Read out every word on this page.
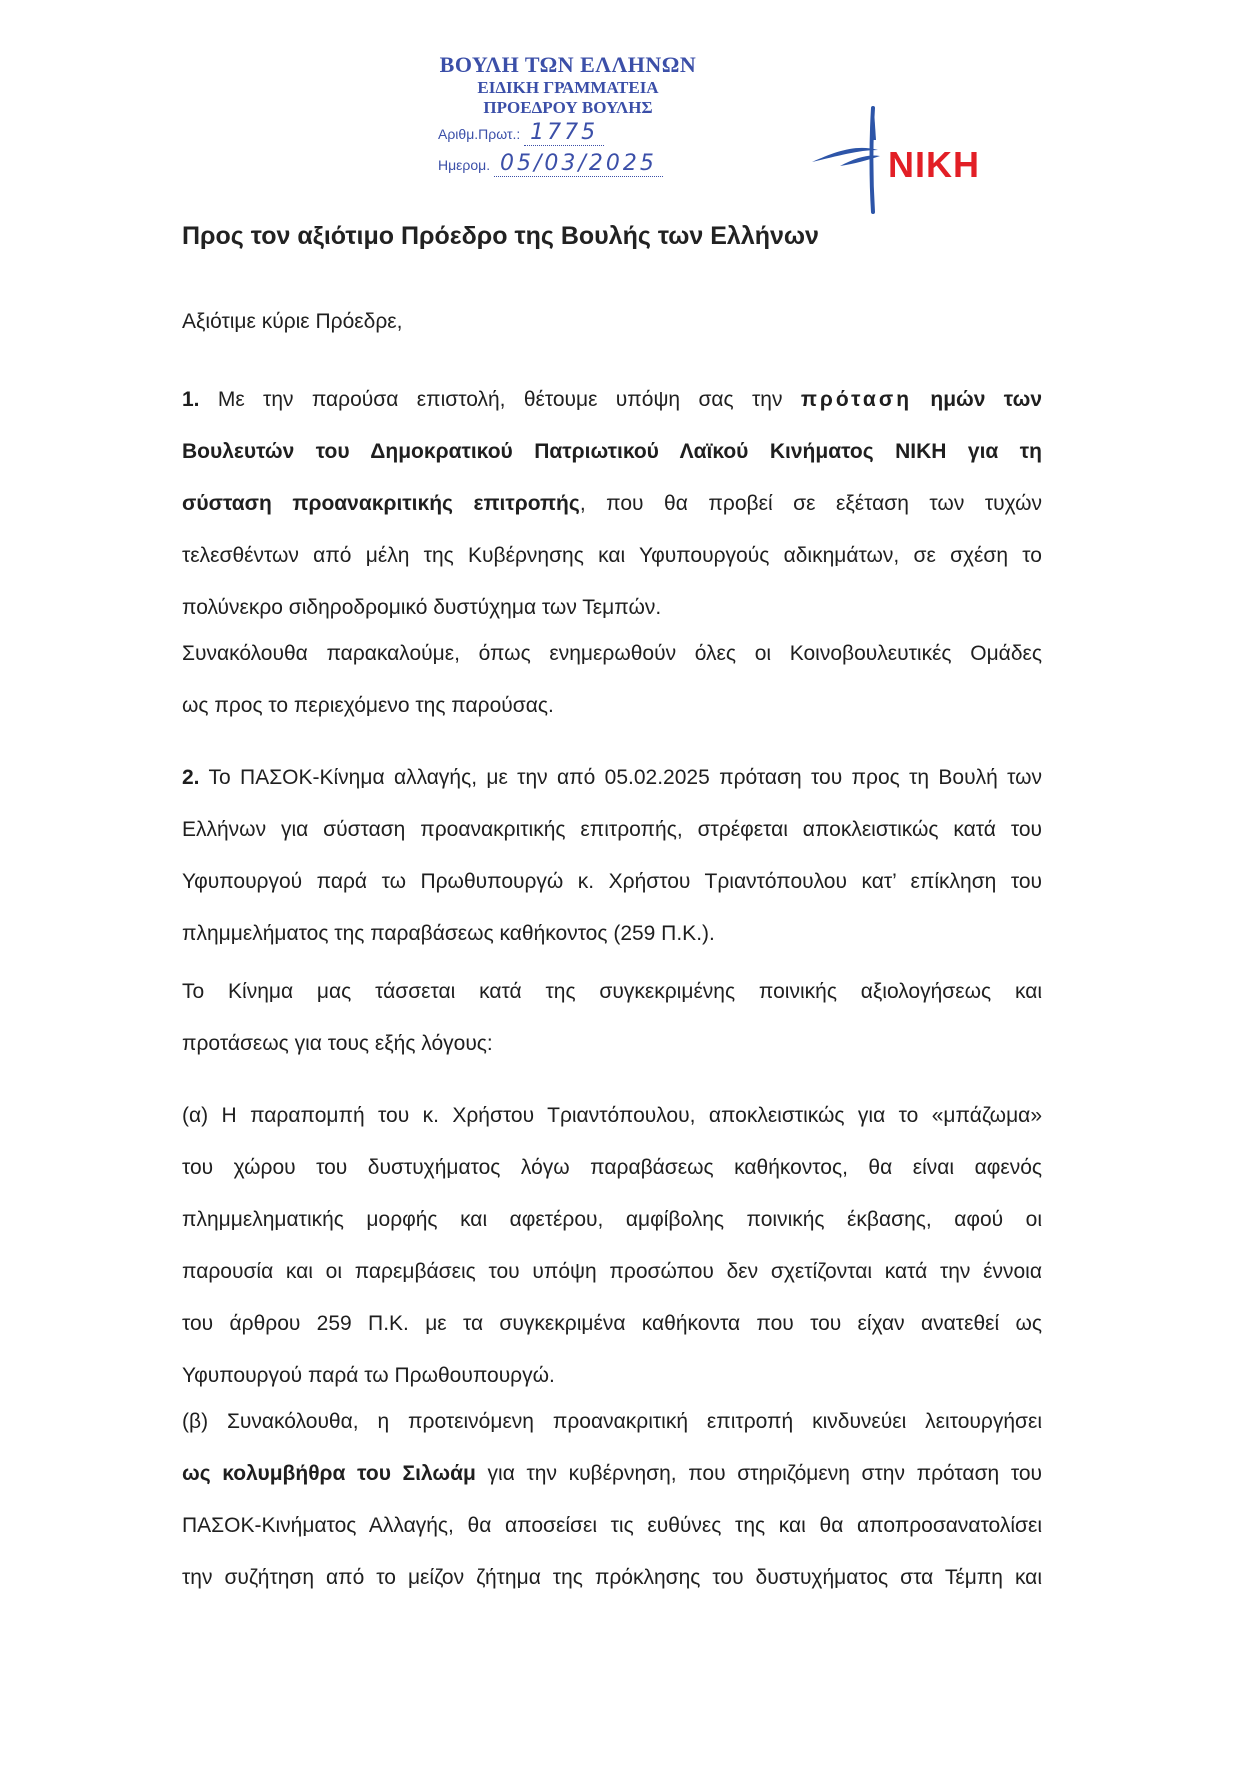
ΒΟΥΛΗ ΤΩΝ ΕΛΛΗΝΩΝ
ΕΙΔΙΚΗ ΓΡΑΜΜΑΤΕΙΑ
ΠΡΟΕΔΡΟΥ ΒΟΥΛΗΣ
Αριθμ.Πρωτ.: 1775
Ημερομ. 05/03/2025	ΝΙΚΗ
Προς τον αξιότιμο Πρόεδρο της Βουλής των Ελλήνων
Αξιότιμε κύριε Πρόεδρε,
1. Με την παρούσα επιστολή, θέτουμε υπόψη σας την πρόταση ημών των
Βουλευτών του Δημοκρατικού Πατριωτικού Λαϊκού Κινήματος ΝΙΚΗ για τη
σύσταση προανακριτικής επιτροπής, που θα προβεί σε εξέταση των τυχών
τελεσθέντων από μέλη της Κυβέρνησης και Υφυπουργούς αδικημάτων, σε σχέση το
πολύνεκρο σιδηροδρομικό δυστύχημα των Τεμπών.
Συνακόλουθα παρακαλούμε, όπως ενημερωθούν όλες οι Κοινοβουλευτικές Ομάδες
ως προς το περιεχόμενο της παρούσας.
2. Το ΠΑΣΟΚ-Κίνημα αλλαγής, με την από 05.02.2025 πρόταση του προς τη Βουλή των
Ελλήνων για σύσταση προανακριτικής επιτροπής, στρέφεται αποκλειστικώς κατά του
Υφυπουργού παρά τω Πρωθυπουργώ κ. Χρήστου Τριαντόπουλου κατ’ επίκληση του
πλημμελήματος της παραβάσεως καθήκοντος (259 Π.Κ.).
Το Κίνημα μας τάσσεται κατά της συγκεκριμένης ποινικής αξιολογήσεως και
προτάσεως για τους εξής λόγους:
(α) Η παραπομπή του κ. Χρήστου Τριαντόπουλου, αποκλειστικώς για το «μπάζωμα»
του χώρου του δυστυχήματος λόγω παραβάσεως καθήκοντος, θα είναι αφενός
πλημμεληματικής μορφής και αφετέρου, αμφίβολης ποινικής έκβασης, αφού οι
παρουσία και οι παρεμβάσεις του υπόψη προσώπου δεν σχετίζονται κατά την έννοια
του άρθρου 259 Π.Κ. με τα συγκεκριμένα καθήκοντα που του είχαν ανατεθεί ως
Υφυπουργού παρά τω Πρωθουπουργώ.
(β) Συνακόλουθα, η προτεινόμενη προανακριτική επιτροπή κινδυνεύει λειτουργήσει
ως κολυμβήθρα του Σιλωάμ για την κυβέρνηση, που στηριζόμενη στην πρόταση του
ΠΑΣΟΚ-Κινήματος Αλλαγής, θα αποσείσει τις ευθύνες της και θα αποπροσανατολίσει
την συζήτηση από το μείζον ζήτημα της πρόκλησης του δυστυχήματος στα Τέμπη και
